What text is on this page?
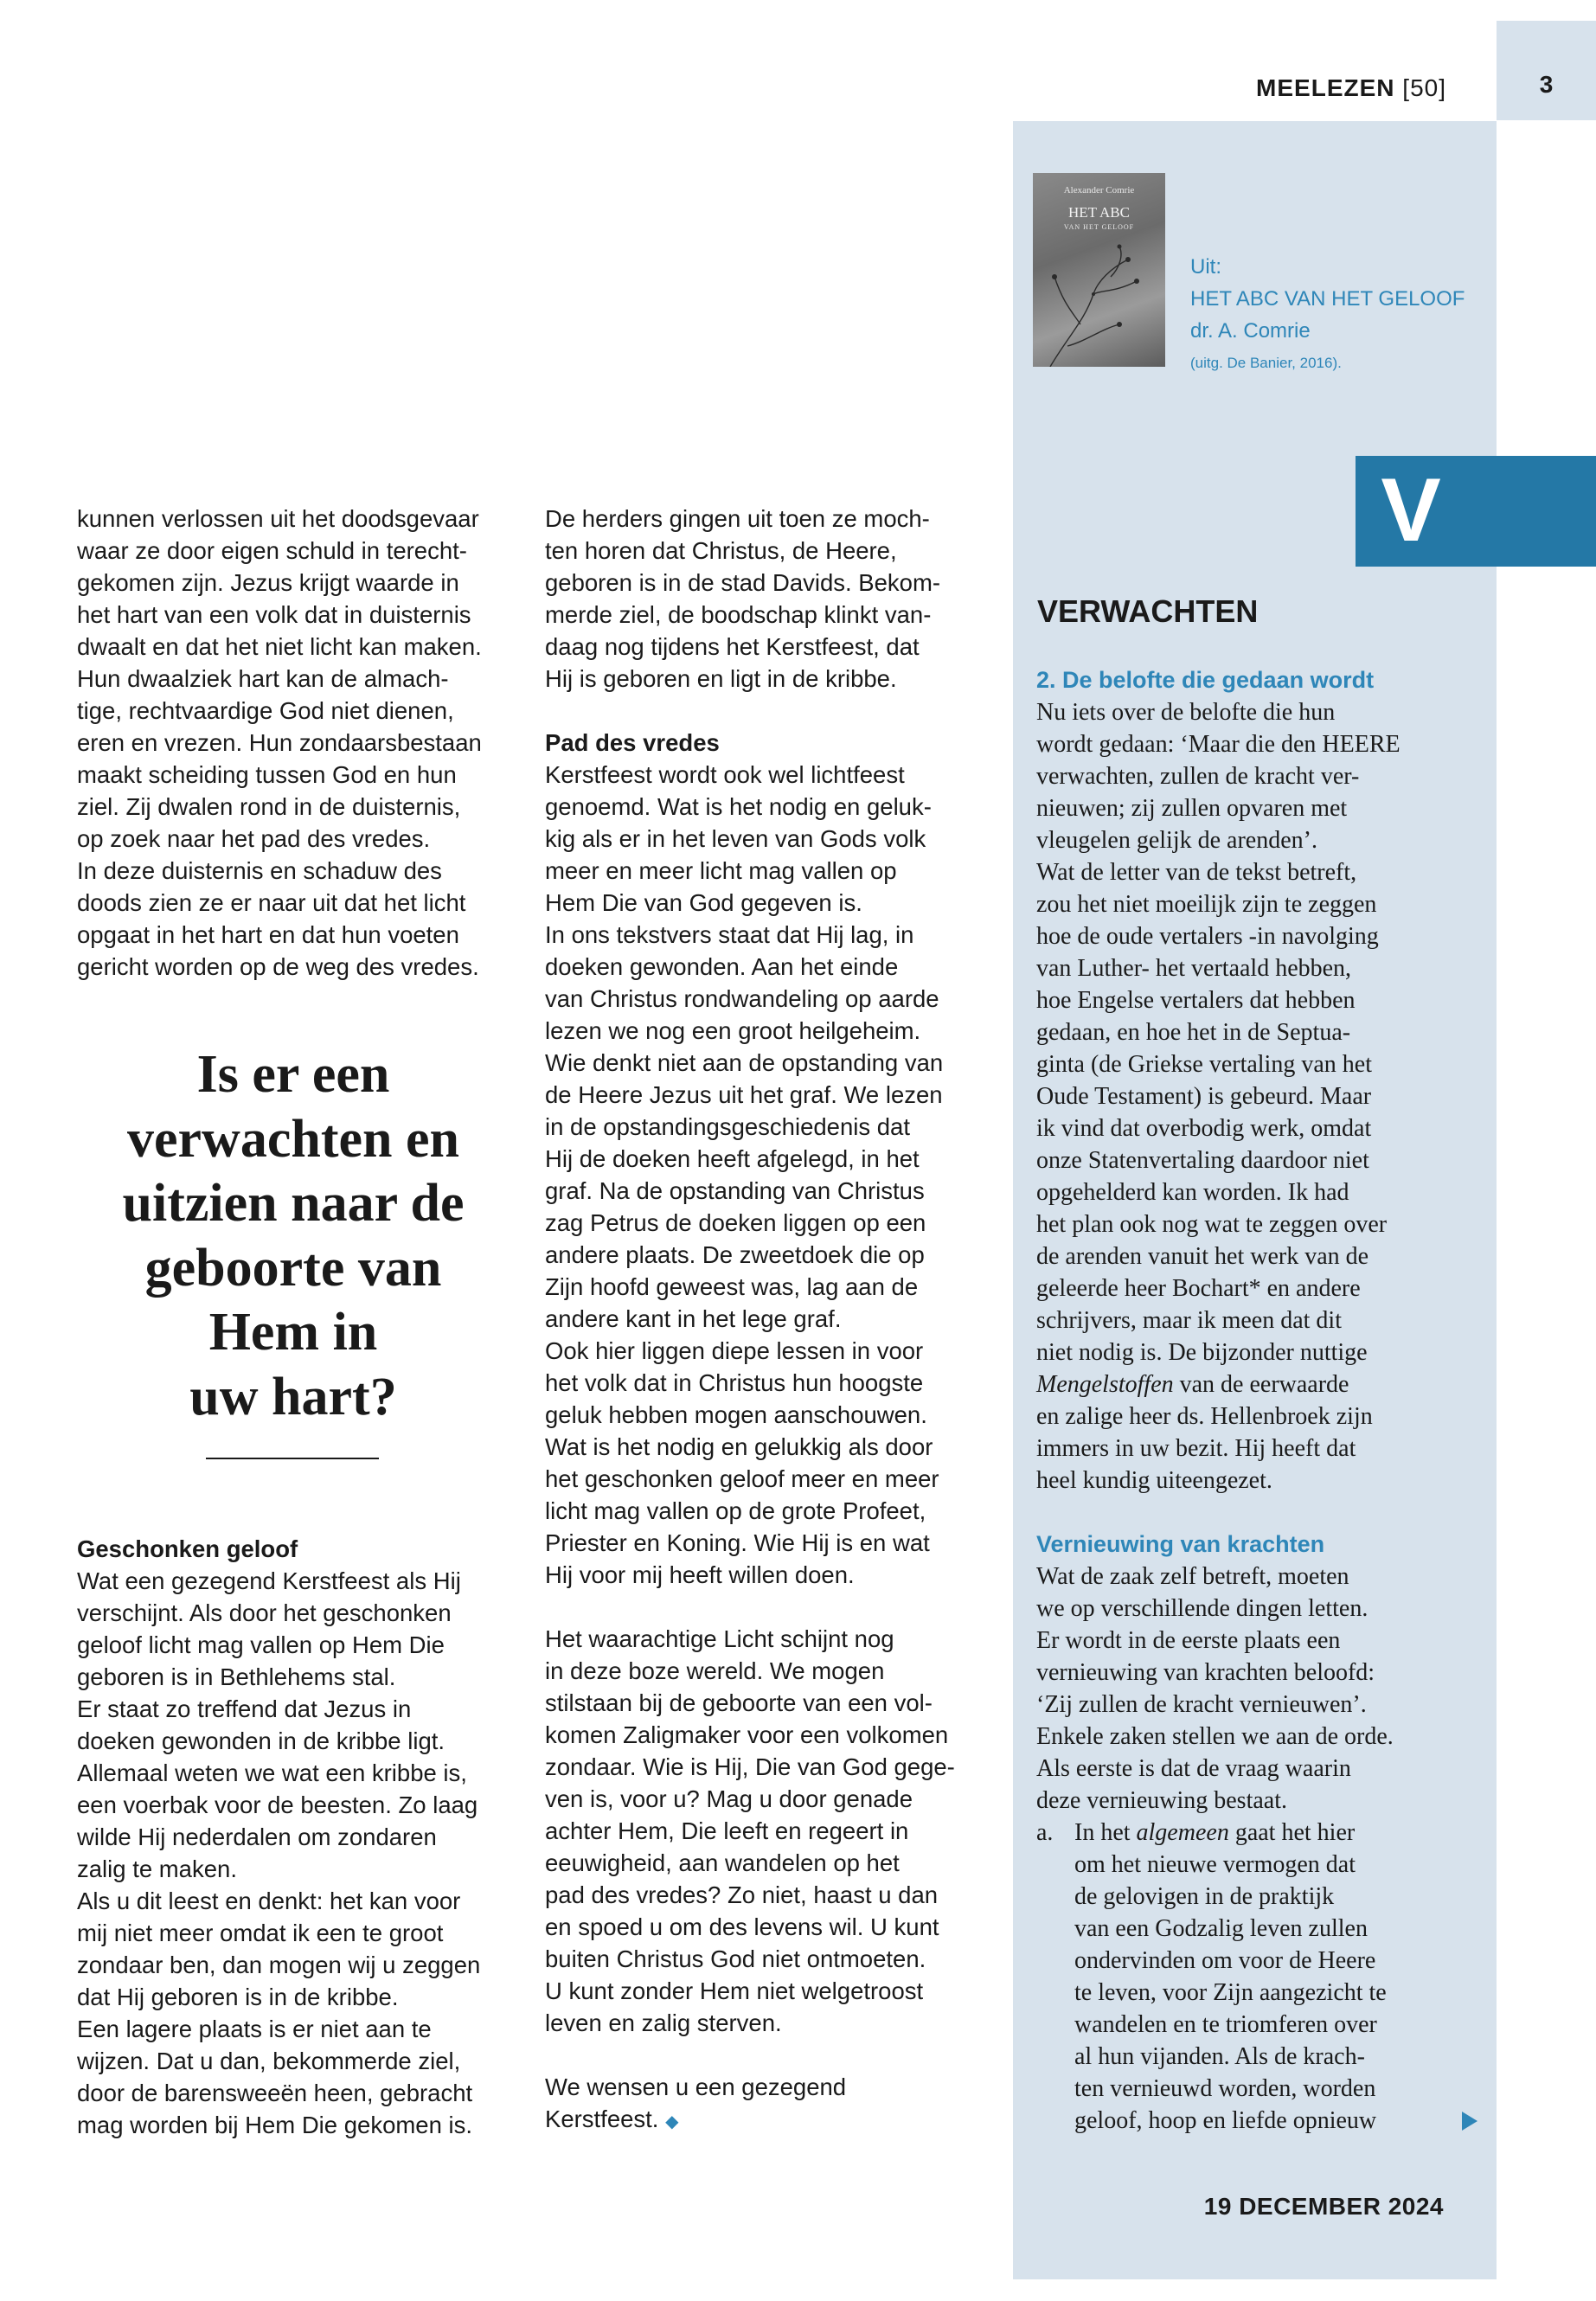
MEELEZEN [50]	3
Alexander Comrie
HET ABC
VAN HET GELOOF
Uit:
HET ABC VAN HET GELOOF
dr. A. Comrie
(uitg. De Banier, 2016).
V

kunnen verlossen uit het doodsgevaar

waar ze door eigen schuld in terecht-

gekomen zijn. Jezus krijgt waarde in

het hart van een volk dat in duisternis

dwaalt en dat het niet licht kan maken.

Hun dwaalziek hart kan de almach-

tige, rechtvaardige God niet dienen,

eren en vrezen. Hun zondaarsbestaan

maakt scheiding tussen God en hun

ziel. Zij dwalen rond in de duisternis,

op zoek naar het pad des vredes.

In deze duisternis en schaduw des

doods zien ze er naar uit dat het licht

opgaat in het hart en dat hun voeten

gericht worden op de weg des vredes.

Is er een
verwachten en
uitzien naar de
geboorte van
Hem in
uw hart?

Geschonken geloof

Wat een gezegend Kerstfeest als Hij

verschijnt. Als door het geschonken

geloof licht mag vallen op Hem Die

geboren is in Bethlehems stal.

Er staat zo treffend dat Jezus in

doeken gewonden in de kribbe ligt.

Allemaal weten we wat een kribbe is,

een voerbak voor de beesten. Zo laag

wilde Hij nederdalen om zondaren

zalig te maken.

Als u dit leest en denkt: het kan voor

mij niet meer omdat ik een te groot

zondaar ben, dan mogen wij u zeggen

dat Hij geboren is in de kribbe.

Een lagere plaats is er niet aan te

wijzen. Dat u dan, bekommerde ziel,

door de barensweeën heen, gebracht

mag worden bij Hem Die gekomen is.

De herders gingen uit toen ze moch-

ten horen dat Christus, de Heere,

geboren is in de stad Davids. Bekom-

merde ziel, de boodschap klinkt van-

daag nog tijdens het Kerstfeest, dat

Hij is geboren en ligt in de kribbe.

Pad des vredes

Kerstfeest wordt ook wel lichtfeest

genoemd. Wat is het nodig en geluk-

kig als er in het leven van Gods volk

meer en meer licht mag vallen op

Hem Die van God gegeven is.

In ons tekstvers staat dat Hij lag, in

doeken gewonden. Aan het einde

van Christus rondwandeling op aarde

lezen we nog een groot heilgeheim.

Wie denkt niet aan de opstanding van

de Heere Jezus uit het graf. We lezen

in de opstandingsgeschiedenis dat

Hij de doeken heeft afgelegd, in het

graf. Na de opstanding van Christus

zag Petrus de doeken liggen op een

andere plaats. De zweetdoek die op

Zijn hoofd geweest was, lag aan de

andere kant in het lege graf.

Ook hier liggen diepe lessen in voor

het volk dat in Christus hun hoogste

geluk hebben mogen aanschouwen.

Wat is het nodig en gelukkig als door

het geschonken geloof meer en meer

licht mag vallen op de grote Profeet,

Priester en Koning. Wie Hij is en wat

Hij voor mij heeft willen doen.

Het waarachtige Licht schijnt nog

in deze boze wereld. We mogen

stilstaan bij de geboorte van een vol-

komen Zaligmaker voor een volkomen

zondaar. Wie is Hij, Die van God gege-

ven is, voor u? Mag u door genade

achter Hem, Die leeft en regeert in

eeuwigheid, aan wandelen op het

pad des vredes? Zo niet, haast u dan

en spoed u om des levens wil. U kunt

buiten Christus God niet ontmoeten.

U kunt zonder Hem niet welgetroost

leven en zalig sterven.

We wensen u een gezegend

Kerstfeest. ◆

VERWACHTEN

2. De belofte die gedaan wordt

Nu iets over de belofte die hun

wordt gedaan: ‘Maar die den HEERE

verwachten, zullen de kracht ver-

nieuwen; zij zullen opvaren met

vleugelen gelijk de arenden’.

Wat de letter van de tekst betreft,

zou het niet moeilijk zijn te zeggen

hoe de oude vertalers -in navolging

van Luther- het vertaald hebben,

hoe Engelse vertalers dat hebben

gedaan, en hoe het in de Septua-

ginta (de Griekse vertaling van het

Oude Testament) is gebeurd. Maar

ik vind dat overbodig werk, omdat

onze Statenvertaling daardoor niet

opgehelderd kan worden. Ik had

het plan ook nog wat te zeggen over

de arenden vanuit het werk van de

geleerde heer Bochart* en andere

schrijvers, maar ik meen dat dit

niet nodig is. De bijzonder nuttige

Mengelstoffen van de eerwaarde

en zalige heer ds. Hellenbroek zijn

immers in uw bezit. Hij heeft dat

heel kundig uiteengezet.

Vernieuwing van krachten

Wat de zaak zelf betreft, moeten

we op verschillende dingen letten.

Er wordt in de eerste plaats een

vernieuwing van krachten beloofd:

‘Zij zullen de kracht vernieuwen’.

Enkele zaken stellen we aan de orde.

Als eerste is dat de vraag waarin

deze vernieuwing bestaat.

a. In het algemeen gaat het hier

om het nieuwe vermogen dat

de gelovigen in de praktijk

van een Godzalig leven zullen

ondervinden om voor de Heere

te leven, voor Zijn aangezicht te

wandelen en te triomferen over

al hun vijanden. Als de krach-

ten vernieuwd worden, worden

geloof, hoop en liefde opnieuw

19 DECEMBER 2024
